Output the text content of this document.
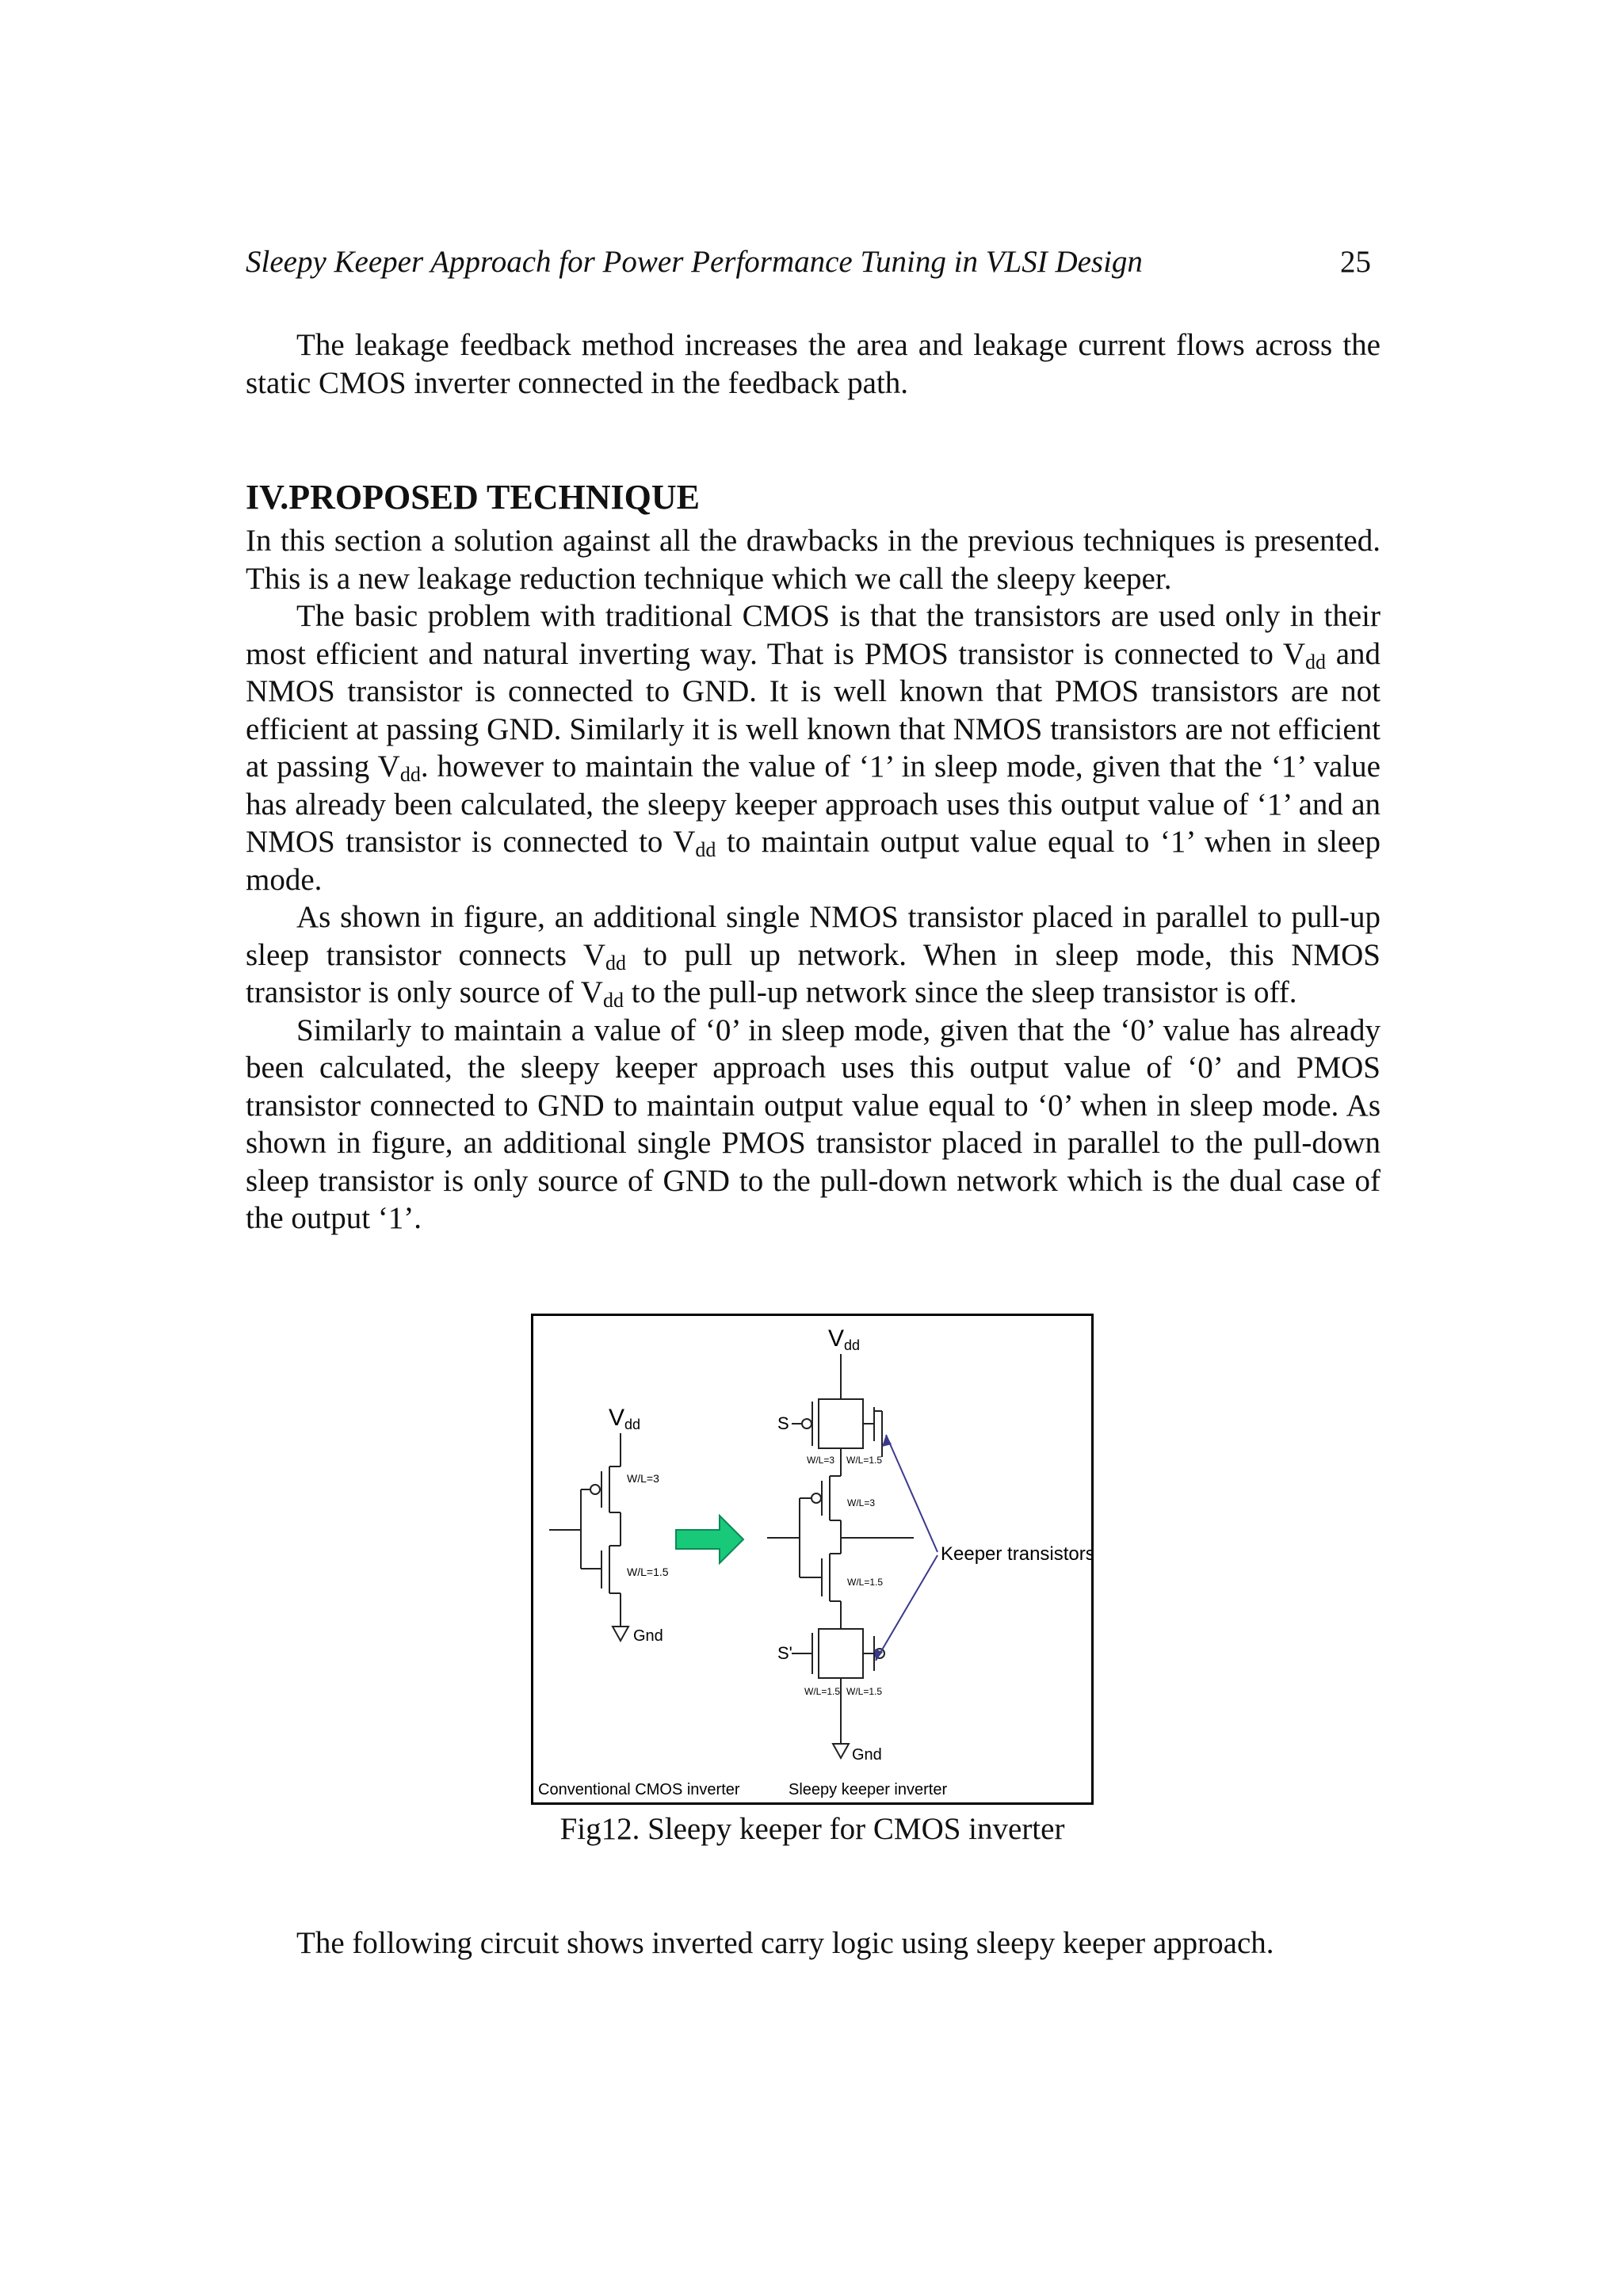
Sleepy Keeper Approach for Power Performance Tuning in VLSI Design	25

The leakage feedback method increases the area and leakage current flows across the static CMOS inverter connected in the feedback path.

IV.PROPOSED TECHNIQUE

In this section a solution against all the drawbacks in the previous techniques is presented. This is a new leakage reduction technique which we call the sleepy keeper.

The basic problem with traditional CMOS is that the transistors are used only in their most efficient and natural inverting way. That is PMOS transistor is connected to $V_{dd}$ and NMOS transistor is connected to GND. It is well known that PMOS transistors are not efficient at passing GND. Similarly it is well known that NMOS transistors are not efficient at passing $V_{dd}$. however to maintain the value of ‘1’ in sleep mode, given that the ‘1’ value has already been calculated, the sleepy keeper approach uses this output value of ‘1’ and an NMOS transistor is connected to $V_{dd}$ to maintain output value equal to ‘1’ when in sleep mode.

As shown in figure, an additional single NMOS transistor placed in parallel to pull-up sleep transistor connects $V_{dd}$ to pull up network. When in sleep mode, this NMOS transistor is only source of $V_{dd}$ to the pull-up network since the sleep transistor is off.

Similarly to maintain a value of ‘0’ in sleep mode, given that the ‘0’ value has already been calculated, the sleepy keeper approach uses this output value of ‘0’ and PMOS transistor connected to GND to maintain output value equal to ‘0’ when in sleep mode. As shown in figure, an additional single PMOS transistor placed in parallel to the pull-down sleep transistor is only source of GND to the pull-down network which is the dual case of the output ‘1’.

Vdd
W/L=3
W/L=1.5
Gnd
Vdd
S
S'
W/L=3 W/L=1.5
W/L=3
W/L=1.5
W/L=1.5 W/L=1.5
Gnd
Keeper transistors
Conventional CMOS inverter	Sleepy keeper inverter
Fig12. Sleepy keeper for CMOS inverter
The following circuit shows inverted carry logic using sleepy keeper approach.
